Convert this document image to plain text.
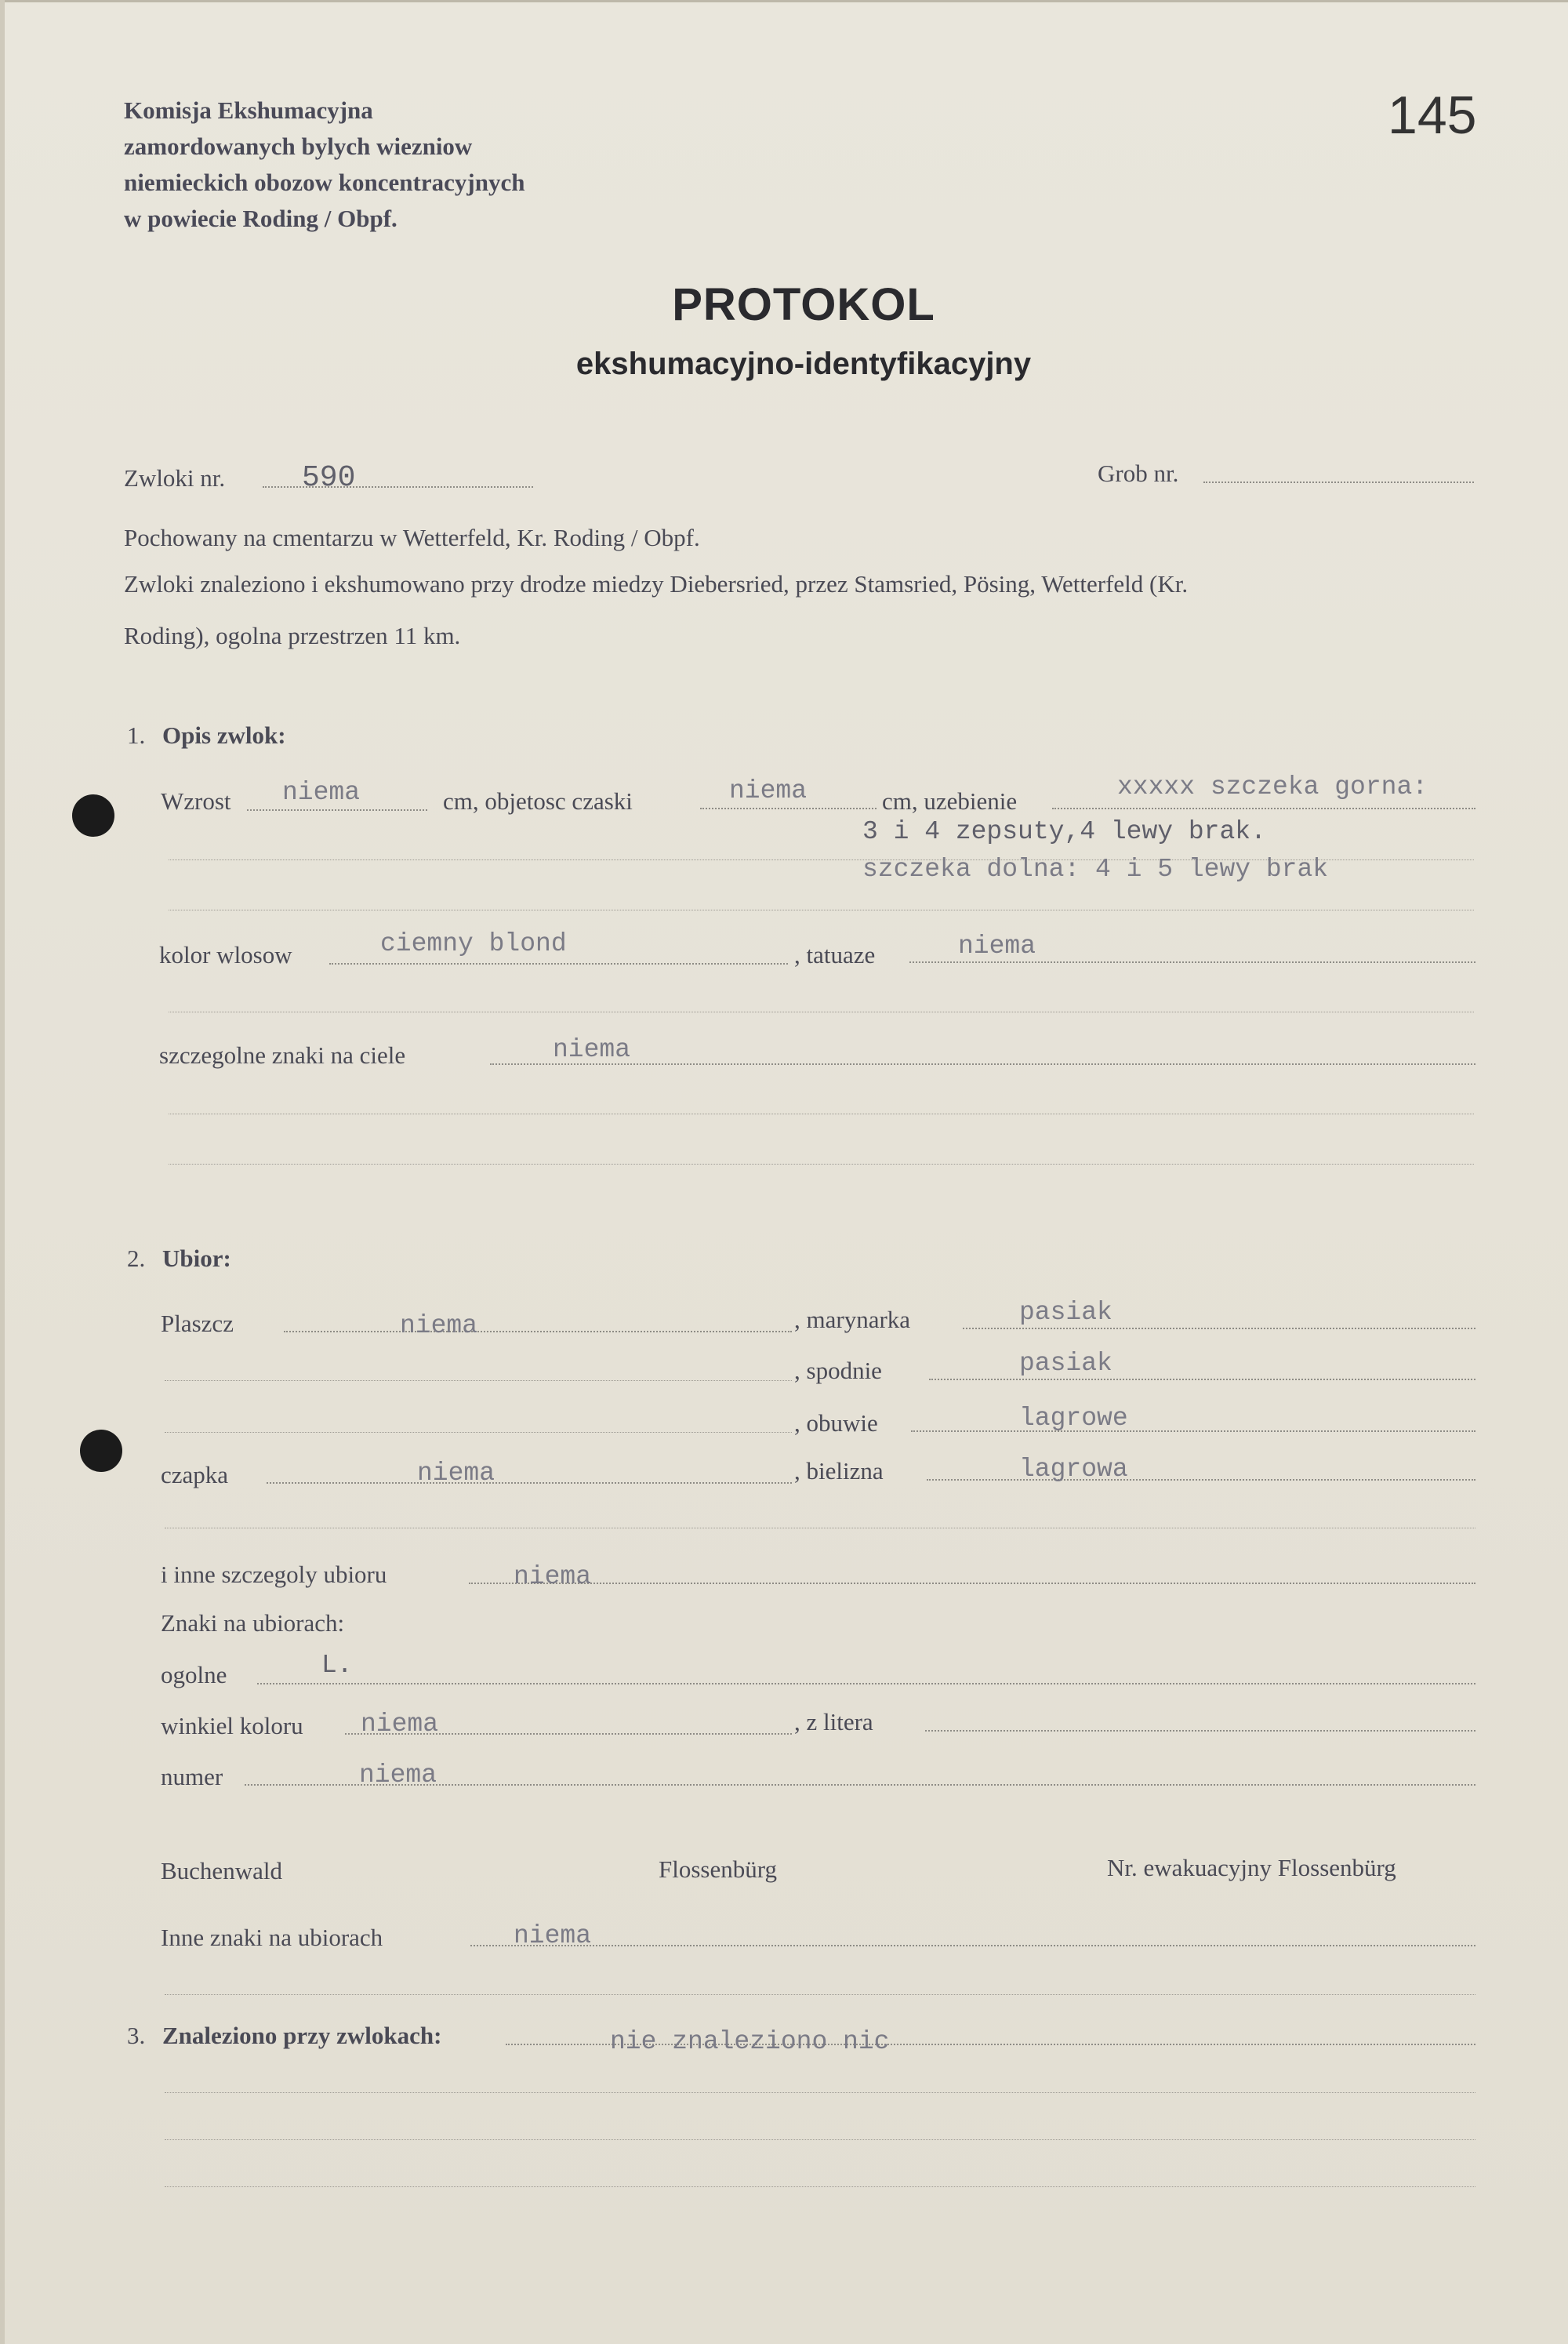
Komisja Ekshumacyjna
zamordowanych bylych wiezniow
niemieckich obozow koncentracyjnych
w powiecie Roding / Obpf.
145
PROTOKOL
ekshumacyjno-identyfikacyjny
Zwloki nr.	590	Grob nr.
Pochowany na cmentarzu w Wetterfeld, Kr. Roding / Obpf.
Zwloki znaleziono i ekshumowano przy drodze miedzy Diebersried, przez Stamsried, Pösing, Wetterfeld (Kr.
Roding), ogolna przestrzen 11 km.
1. Opis zwlok:
Wzrost niema	cm, objetosc czaski	niema	cm, uzebienie	xxxxx szczeka gorna:
3 i 4 zepsuty,4 lewy brak.
szczeka dolna: 4 i 5 lewy brak
kolor wlosow	ciemny blond	, tatuaze	niema
szczegolne znaki na ciele	niema
2. Ubior:
Plaszcz	niema	, marynarka	pasiak
, spodnie	pasiak
, obuwie	lagrowe
czapka	niema	, bielizna	lagrowa
i inne szczegoly ubioru	niema
Znaki na ubiorach:
ogolne	L.
winkiel koloru niema	, z litera
numer	niema
Buchenwald	Flossenbürg	Nr. ewakuacyjny Flossenbürg
Inne znaki na ubiorach	niema
3. Znaleziono przy zwlokach:	nie znaleziono nic
